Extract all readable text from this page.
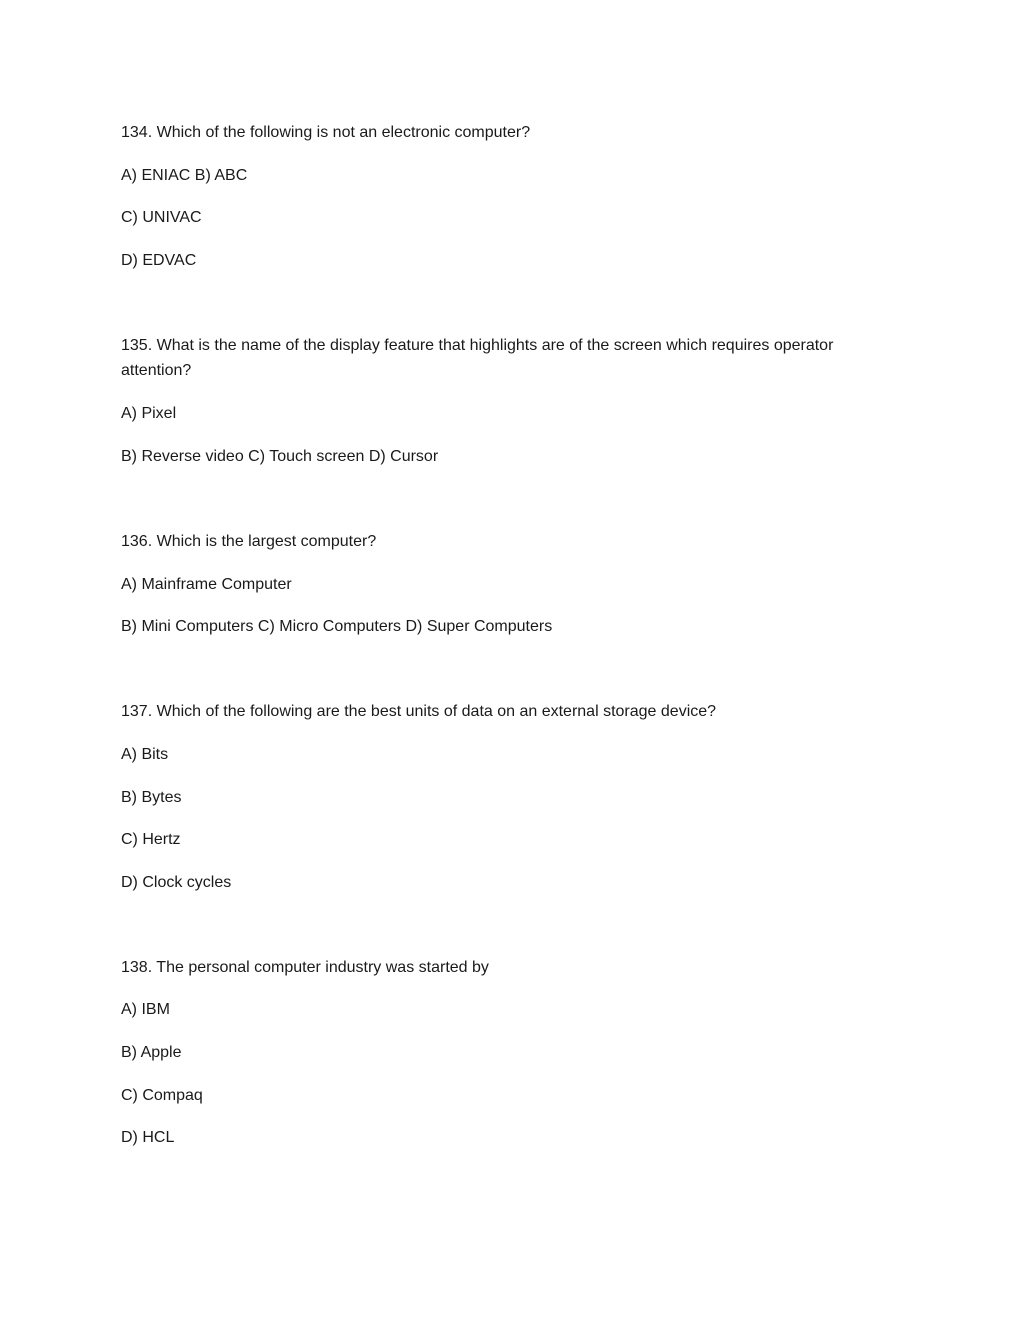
134. Which of the following is not an electronic computer?
A) ENIAC B) ABC
C) UNIVAC
D) EDVAC
135. What is the name of the display feature that highlights are of the screen which requires operator attention?
A) Pixel
B) Reverse video C) Touch screen D) Cursor
136. Which is the largest computer?
A) Mainframe Computer
B) Mini Computers C) Micro Computers D) Super Computers
137. Which of the following are the best units of data on an external storage device?
A) Bits
B) Bytes
C) Hertz
D) Clock cycles
138. The personal computer industry was started by
A) IBM
B) Apple
C) Compaq
D) HCL
